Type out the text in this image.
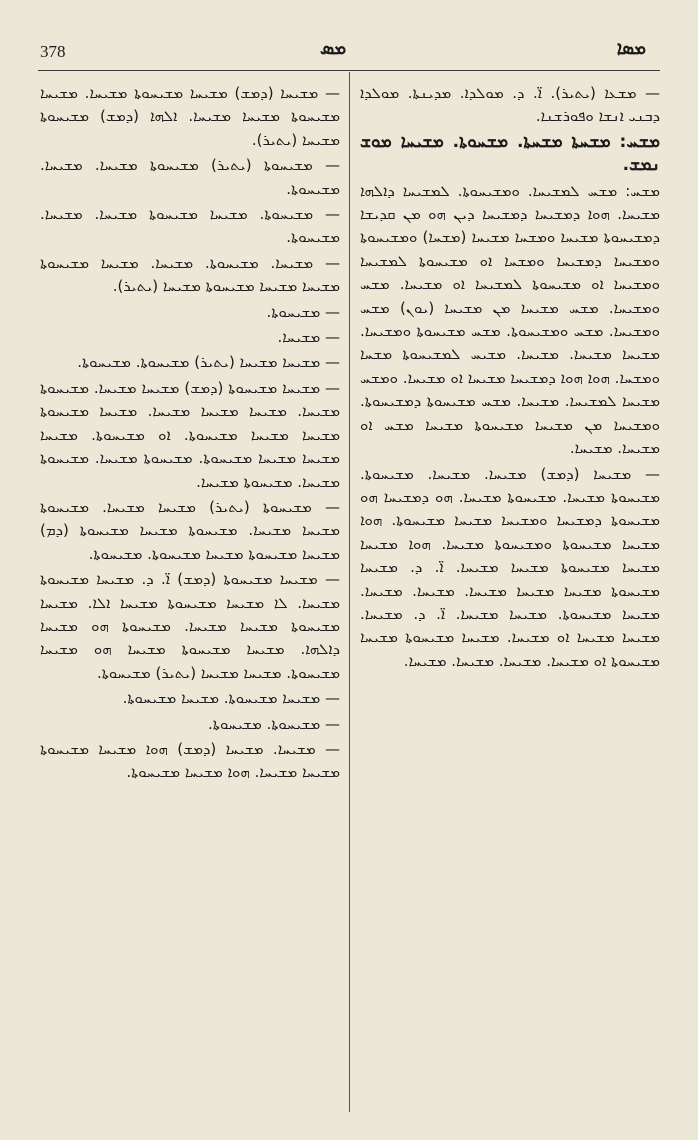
378	ܡܣ	ܡܣܐ

— ܡܫܥܐ (ܝܬܝܪ). ܐ̈. ܕ. ܡܘܠܕܐ. ܡܕܝܢܬܐ. ܡܘܠܕܐ ܕܒܢܝ ܐܢܫܐ ܘܦܘܪܫܢܐ.

ܡܫܚ: ܡܫܚܬܐ ܡܫܚܬܐ. ܡܫܚܘܬܐ. ܡܫܝܚܐ ܡܘܫ ܢܡܫ.

ܡܫܚ: ܡܫܚ ܠܡܫܝܚܐ. ܘܡܫܝܚܘܬܐ. ܠܡܫܝܚܐ ܕܐܠܗܐ ܡܫܝܚܐ. ܗܘܐ ܕܡܫܝܚܐ ܕܡܫܝܚܐ ܕܝܢ ܗܘ ܡܢ ܩܕܝܫܐ ܕܡܫܝܚܘܬܐ ܡܫܝܚܐ ܘܡܫܚܐ ܡܫܝܚܐ (ܡܫܚܐ) ܘܡܫܝܚܘܬܐ ܘܡܫܝܚܐ ܕܡܫܝܚܐ ܘܡܫܚܐ ܐܘ ܡܫܝܚܘܬܐ ܠܡܫܝܚܐ ܘܡܫܝܚܐ ܐܘ ܡܫܝܚܘܬܐ ܠܡܫܝܚܐ ܐܘ ܡܫܝܚܐ. ܡܫܚ ܘܡܫܝܚܐ. ܡܫܚ ܡܫܝܚܐ ܡܢ ܡܫܝܚܐ (ܝܘܢ) ܡܫܚ ܘܡܫܝܚܐ. ܡܫܚ ܘܡܫܝܚܘܬܐ. ܡܫܚ ܡܫܝܚܘܬܐ ܘܡܫܝܚܐ. ܡܫܝܚܐ ܡܫܝܚܐ. ܡܫܝܚܐ. ܡܫܝܚ ܠܡܫܝܚܘܬܐ ܡܫܚܐ ܘܡܫܚܐ. ܗܘܐ ܗܘܐ ܕܡܫܝܚܐ ܡܫܝܚܐ ܐܘ ܡܫܝܚܐ. ܘܡܫܚ ܡܫܝܚܐ ܠܡܫܝܚܐ. ܡܫܝܚܐ. ܡܫܚ ܡܫܝܚܘܬܐ ܕܡܫܝܚܘܬܐ. ܘܡܫܝܚܐ ܡܢ ܡܫܝܚܐ ܡܫܝܚܘܬܐ ܡܫܝܚܐ ܡܫܚ ܐܘ ܡܫܝܚܐ. ܡܫܝܚܐ.

— ܡܫܝܚܐ (ܕܡܫ) ܡܫܝܚܐ. ܡܫܝܚܐ. ܡܫܝܚܘܬܐ. ܡܫܝܚܘܬܐ ܡܫܝܚܐ. ܡܫܝܚܘܬܐ ܡܫܝܚܐ. ܗܘ ܕܡܫܝܚܐ ܗܘ ܡܫܝܚܘܬܐ ܕܡܫܝܚܐ ܘܡܫܝܚܐ ܡܫܝܚܐ ܡܫܝܚܘܬܐ. ܗܘܐ ܡܫܝܚܐ ܡܫܝܚܘܬܐ ܘܡܫܝܚܘܬܐ ܡܫܝܚܐ. ܗܘܐ ܡܫܝܚܐ ܡܫܝܚܐ ܡܫܝܚܘܬܐ ܡܫܝܚܐ ܡܫܝܚܐ. ܐ̈. ܕ. ܡܫܝܚܐ ܡܫܝܚܘܬܐ ܡܫܝܚܐ ܡܫܝܚܐ ܡܫܝܚܐ. ܡܫܝܚܐ. ܡܫܝܚܐ. ܡܫܝܚܐ ܡܫܝܚܘܬܐ. ܡܫܝܚܐ ܡܫܝܚܐ. ܐ̈. ܕ. ܡܫܝܚܐ. ܡܫܝܚܐ ܡܫܝܚܐ ܐܘ ܡܫܝܚܐ. ܡܫܝܚܐ ܡܫܝܚܘܬܐ ܡܫܝܚܐ ܡܫܝܚܘܬܐ ܐܘ ܡܫܝܚܐ. ܡܫܝܚܐ. ܡܫܝܚܐ. ܡܫܝܚܐ.

— ܡܫܝܚܐ (ܕܡܫ) ܡܫܝܚܐ ܡܫܝܚܘܬܐ ܡܫܝܚܐ. ܡܫܝܚܐ ܡܫܝܚܘܬܐ ܡܫܝܚܐ ܡܫܝܚܐ. ܐܠܗܐ (ܕܡܫ) ܡܫܝܚܘܬܐ ܡܫܝܚܐ (ܝܬܝܪ).

— ܡܫܝܚܘܬܐ (ܝܬܝܪ) ܡܫܝܚܘܬܐ ܡܫܝܚܐ. ܡܫܝܚܐ. ܡܫܝܚܘܬܐ.

— ܡܫܝܚܘܬܐ. ܡܫܝܚܐ ܡܫܝܚܘܬܐ ܡܫܝܚܐ. ܡܫܝܚܐ. ܡܫܝܚܘܬܐ.

— ܡܫܝܚܐ. ܡܫܝܚܘܬܐ. ܡܫܝܚܐ. ܡܫܝܚܐ ܡܫܝܚܘܬܐ ܡܫܝܚܐ ܡܫܝܚܐ ܡܫܝܚܘܬܐ ܡܫܝܚܐ (ܝܬܝܪ).

— ܡܫܝܚܘܬܐ.

— ܡܫܝܚܐ.

— ܡܫܝܚܐ ܡܫܝܚܐ (ܝܬܝܪ) ܡܫܝܚܘܬܐ. ܡܫܝܚܘܬܐ.

— ܡܫܝܚܐ ܡܫܝܚܘܬܐ (ܕܡܫ) ܡܫܝܚܐ ܡܫܝܚܐ. ܡܫܝܚܘܬܐ ܡܫܝܚܐ. ܡܫܝܚܐ ܡܫܝܚܐ ܡܫܝܚܐ. ܡܫܝܚܐ ܡܫܝܚܘܬܐ ܡܫܝܚܐ ܡܫܝܚܐ ܡܫܝܚܘܬܐ. ܐܘ ܡܫܝܚܘܬܐ. ܡܫܝܚܐ ܡܫܝܚܐ ܡܫܝܚܐ ܡܫܝܚܘܬܐ. ܡܫܝܚܘܬܐ ܡܫܝܚܐ. ܡܫܝܚܘܬܐ ܡܫܝܚܐ. ܡܫܝܚܘܬܐ ܡܫܝܚܐ.

— ܡܫܝܚܘܬܐ (ܝܬܝܪ) ܡܫܝܚܐ ܡܫܝܚܐ. ܡܫܝܚܘܬܐ ܡܫܝܚܐ ܡܫܝܚܐ. ܡܫܝܚܘܬܐ ܡܫܝܚܐ ܡܫܝܚܘܬܐ (ܕܡ) ܡܫܝܚܐ ܡܫܝܚܘܬܐ ܡܫܝܚܐ ܡܫܝܚܘܬܐ. ܡܫܝܚܘܬܐ.

— ܡܫܝܚܐ ܡܫܝܚܘܬܐ (ܕܡܫ) ܐ̈. ܕ. ܡܫܝܚܐ ܡܫܝܚܘܬܐ ܡܫܝܚܐ. ܠܐ ܡܫܝܚܐ ܡܫܝܚܘܬܐ ܡܫܝܚܐ ܐܠܐ. ܡܫܝܚܐ ܡܫܝܚܘܬܐ ܡܫܝܚܐ ܡܫܝܚܐ. ܡܫܝܚܘܬܐ ܗܘ ܡܫܝܚܐ ܕܐܠܗܐ. ܡܫܝܚܐ ܡܫܝܚܘܬܐ ܡܫܝܚܐ ܗܘ ܡܫܝܚܐ ܡܫܝܚܘܬܐ. ܡܫܝܚܐ ܡܫܝܚܐ (ܝܬܝܪ) ܡܫܝܚܘܬܐ.

— ܡܫܝܚܐ ܡܫܝܚܘܬܐ. ܡܫܝܚܐ ܡܫܝܚܘܬܐ.

— ܡܫܝܚܘܬܐ. ܡܫܝܚܘܬܐ.

— ܡܫܝܚܐ. ܡܫܝܚܐ (ܕܡܫ) ܗܘܐ ܡܫܝܚܐ ܡܫܝܚܘܬܐ ܡܫܝܚܐ ܡܫܝܚܐ. ܗܘܐ ܡܫܝܚܐ ܡܫܝܚܘܬܐ.
